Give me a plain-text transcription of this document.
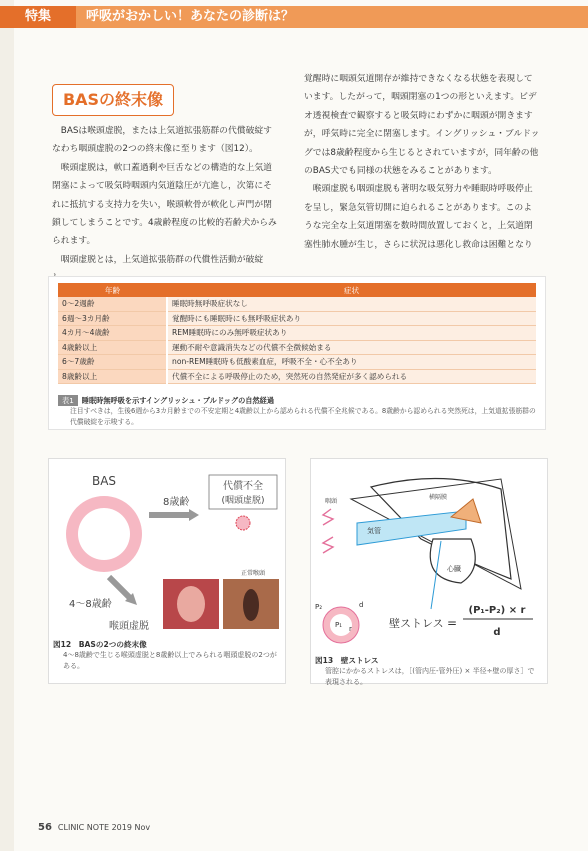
特集	呼吸がおかしい！あなたの診断は？
BASの終末像

BASは喉頭虚脱，または上気道拡張筋群の代償破綻すなわち咽頭虚脱の2つの終末像に至ります（図12）。

喉頭虚脱は，軟口蓋過剰や巨舌などの構造的な上気道閉塞によって吸気時咽頭内気道陰圧が亢進し，次第にそれに抵抗する支持力を失い，喉頭軟骨が軟化し声門が閉鎖してしまうことです。4歳齢程度の比較的若齢犬からみられます。

咽頭虚脱とは，上気道拡張筋群の代償性活動が破綻

覚醒時に咽頭気道開存が維持できなくなる状態を表現しています。したがって，咽頭閉塞の1つの形といえます。ビデオ透視検査で観察すると吸気時にわずかに咽頭が開きますが，呼気時に完全に閉塞します。イングリッシュ・ブルドッグでは8歳齢程度から生じるとされていますが，同年齢の他のBAS犬でも同様の状態をみることがあります。

喉頭虚脱も咽頭虚脱も著明な吸気努力や睡眠時呼吸停止を呈し，緊急気管切開に迫られることがあります。このような完全な上気道閉塞を数時間放置しておくと，上気道閉塞性肺水腫が生じ，さらに状況は悪化し救命は困難となり

年齢	症状
0～2週齢	睡眠時無呼吸症状なし
6週～3カ月齢	覚醒時にも睡眠時にも無呼吸症状あり
4カ月～4歳齢	REM睡眠時にのみ無呼吸症状あり
4歳齢以上	運動不耐や意識消失などの代償不全徴候始まる
6～7歳齢	non-REM睡眠時も低酸素血症，呼吸不全・心不全あり
8歳齢以上	代償不全による呼吸停止のため，突然死の自然発症が多く認められる
表1 睡眠時無呼吸を示すイングリッシュ・ブルドッグの自然経過
注目すべきは，生後6週から3カ月齢までの不安定期と4歳齢以上から認められる代償不全兆候である。8歳齢から認められる突然死は，上気道拡張筋群の代償破綻を示唆する。
BAS
8歳齢
代償不全
(咽頭虚脱)
4～8歳齢
喉頭虚脱
正常喉頭
図12　BASの2つの終末像
4～8歳齢で生じる喉頭虚脱と8歳齢以上でみられる咽頭虚脱の2つがある。
咽頭
横隔膜
気管
心臓
P₂
P₁
d
r	壁ストレス =
(P₁-P₂) × r
d
図13　壁ストレス
管腔にかかるストレスは，［(管内圧-管外圧) × 半径÷壁の厚さ］で表現される。
56 CLINIC NOTE 2019 Nov
